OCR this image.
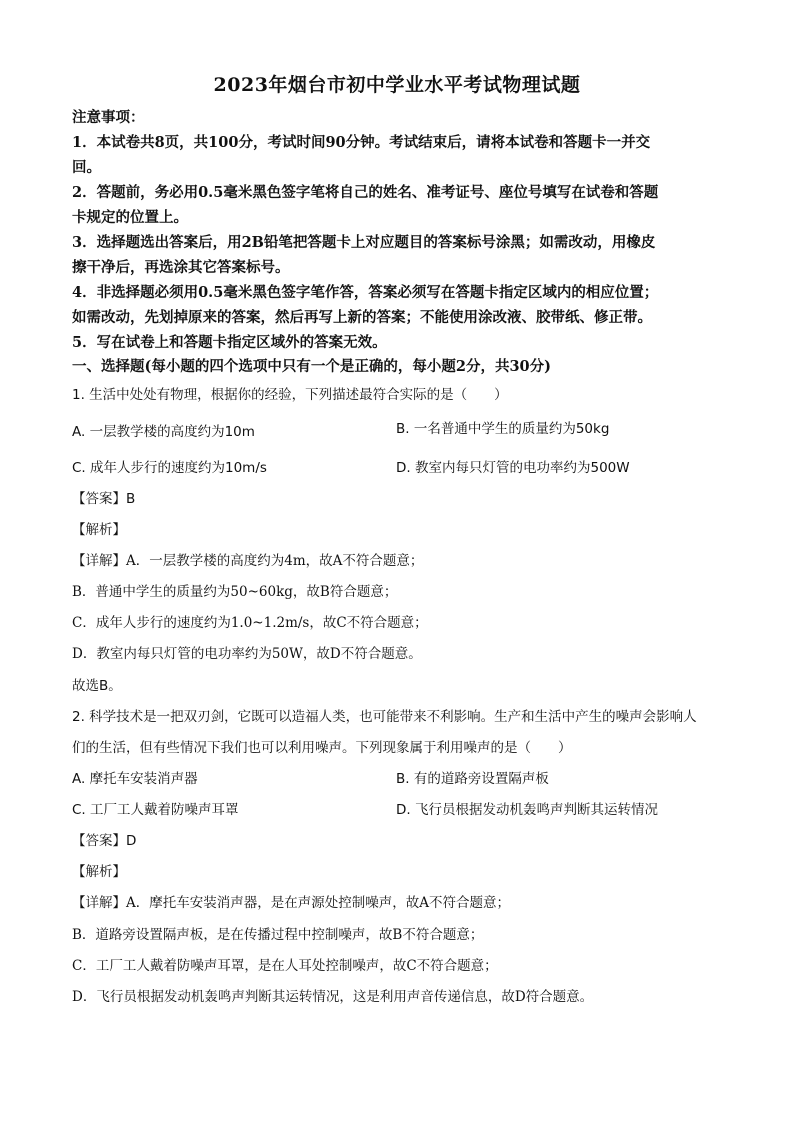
2023年烟台市初中学业水平考试物理试题
注意事项：
1．本试卷共8页，共100分，考试时间90分钟。考试结束后，请将本试卷和答题卡一并交
回。
2．答题前，务必用0.5毫米黑色签字笔将自己的姓名、准考证号、座位号填写在试卷和答题
卡规定的位置上。
3．选择题选出答案后，用2B铅笔把答题卡上对应题目的答案标号涂黑；如需改动，用橡皮
擦干净后，再选涂其它答案标号。
4．非选择题必须用0.5毫米黑色签字笔作答，答案必须写在答题卡指定区域内的相应位置；
如需改动，先划掉原来的答案，然后再写上新的答案；不能使用涂改液、胶带纸、修正带。
5．写在试卷上和答题卡指定区域外的答案无效。
一、选择题(每小题的四个选项中只有一个是正确的，每小题2分，共30分)
1. 生活中处处有物理，根据你的经验，下列描述最符合实际的是（　　）
A. 一层教学楼的高度约为10m	B. 一名普通中学生的质量约为50kg
C. 成年人步行的速度约为10m/s	D. 教室内每只灯管的电功率约为500W
【答案】B
【解析】
【详解】A．一层教学楼的高度约为4m，故A不符合题意；
B．普通中学生的质量约为50~60kg，故B符合题意；
C．成年人步行的速度约为1.0~1.2m/s，故C不符合题意；
D．教室内每只灯管的电功率约为50W，故D不符合题意。
故选B。
2. 科学技术是一把双刃剑，它既可以造福人类，也可能带来不利影响。生产和生活中产生的噪声会影响人
们的生活，但有些情况下我们也可以利用噪声。下列现象属于利用噪声的是（　　）
A. 摩托车安装消声器	B. 有的道路旁设置隔声板
C. 工厂工人戴着防噪声耳罩	D. 飞行员根据发动机轰鸣声判断其运转情况
【答案】D
【解析】
【详解】A．摩托车安装消声器，是在声源处控制噪声，故A不符合题意；
B．道路旁设置隔声板，是在传播过程中控制噪声，故B不符合题意；
C．工厂工人戴着防噪声耳罩，是在人耳处控制噪声，故C不符合题意；
D．飞行员根据发动机轰鸣声判断其运转情况，这是利用声音传递信息，故D符合题意。
